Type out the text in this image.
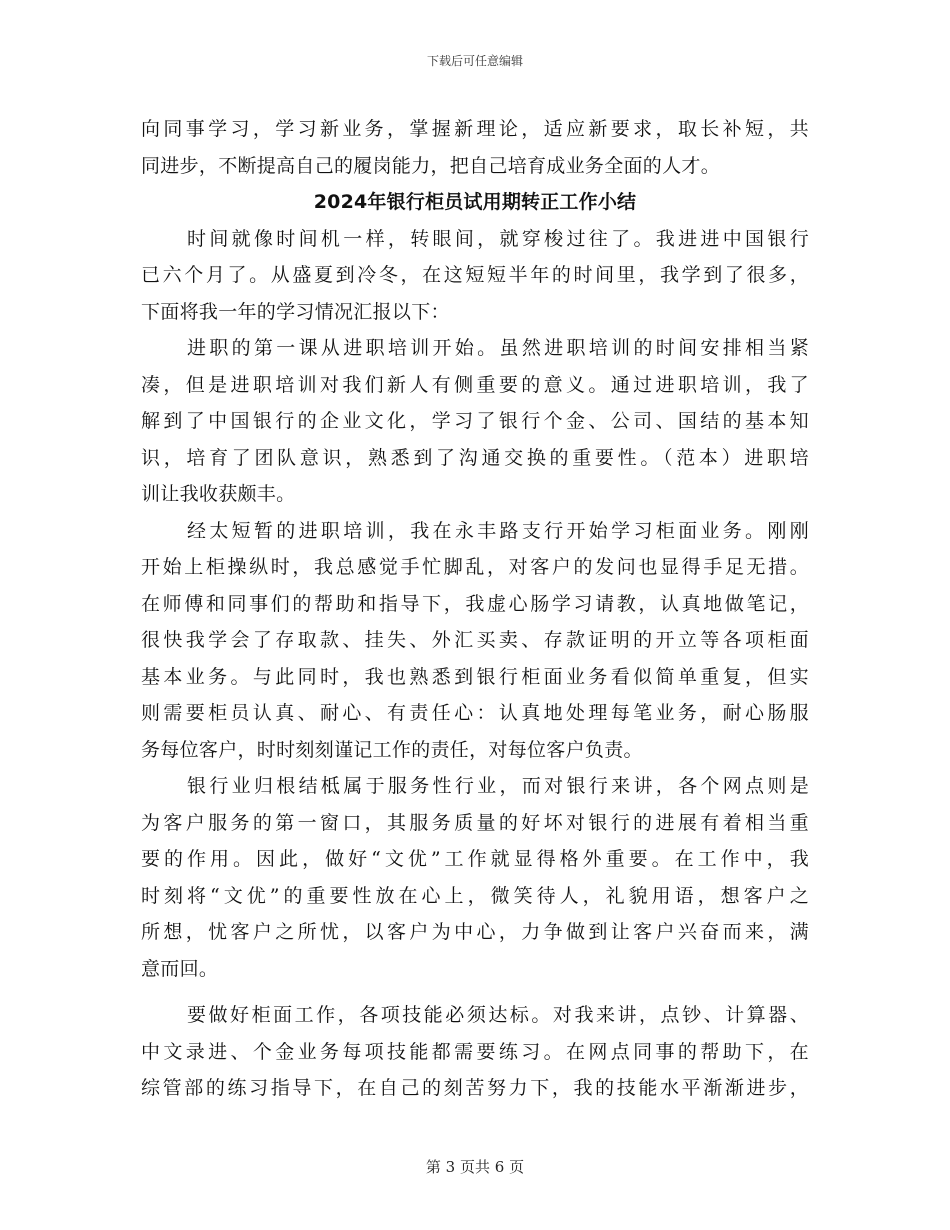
下载后可任意编辑
向同事学习，学习新业务，掌握新理论，适应新要求，取长补短，共
同进步，不断提高自己的履岗能力，把自己培育成业务全面的人才。
2024年银行柜员试用期转正工作小结
时间就像时间机一样，转眼间，就穿梭过往了。我进进中国银行
已六个月了。从盛夏到冷冬，在这短短半年的时间里，我学到了很多，
下面将我一年的学习情况汇报以下：
进职的第一课从进职培训开始。虽然进职培训的时间安排相当紧
凑，但是进职培训对我们新人有侧重要的意义。通过进职培训，我了
解到了中国银行的企业文化，学习了银行个金、公司、国结的基本知
识，培育了团队意识，熟悉到了沟通交换的重要性。（范本）进职培
训让我收获颇丰。
经太短暂的进职培训，我在永丰路支行开始学习柜面业务。刚刚
开始上柜操纵时，我总感觉手忙脚乱，对客户的发问也显得手足无措。
在师傅和同事们的帮助和指导下，我虚心肠学习请教，认真地做笔记，
很快我学会了存取款、挂失、外汇买卖、存款证明的开立等各项柜面
基本业务。与此同时，我也熟悉到银行柜面业务看似简单重复，但实
则需要柜员认真、耐心、有责任心：认真地处理每笔业务，耐心肠服
务每位客户，时时刻刻谨记工作的责任，对每位客户负责。
银行业归根结柢属于服务性行业，而对银行来讲，各个网点则是
为客户服务的第一窗口，其服务质量的好坏对银行的进展有着相当重
要的作用。因此，做好“文优”工作就显得格外重要。在工作中，我
时刻将“文优”的重要性放在心上，微笑待人，礼貌用语，想客户之
所想，忧客户之所忧，以客户为中心，力争做到让客户兴奋而来，满
意而回。
要做好柜面工作，各项技能必须达标。对我来讲，点钞、计算器、
中文录进、个金业务每项技能都需要练习。在网点同事的帮助下，在
综管部的练习指导下，在自己的刻苦努力下，我的技能水平渐渐进步，
第 3 页共 6 页
